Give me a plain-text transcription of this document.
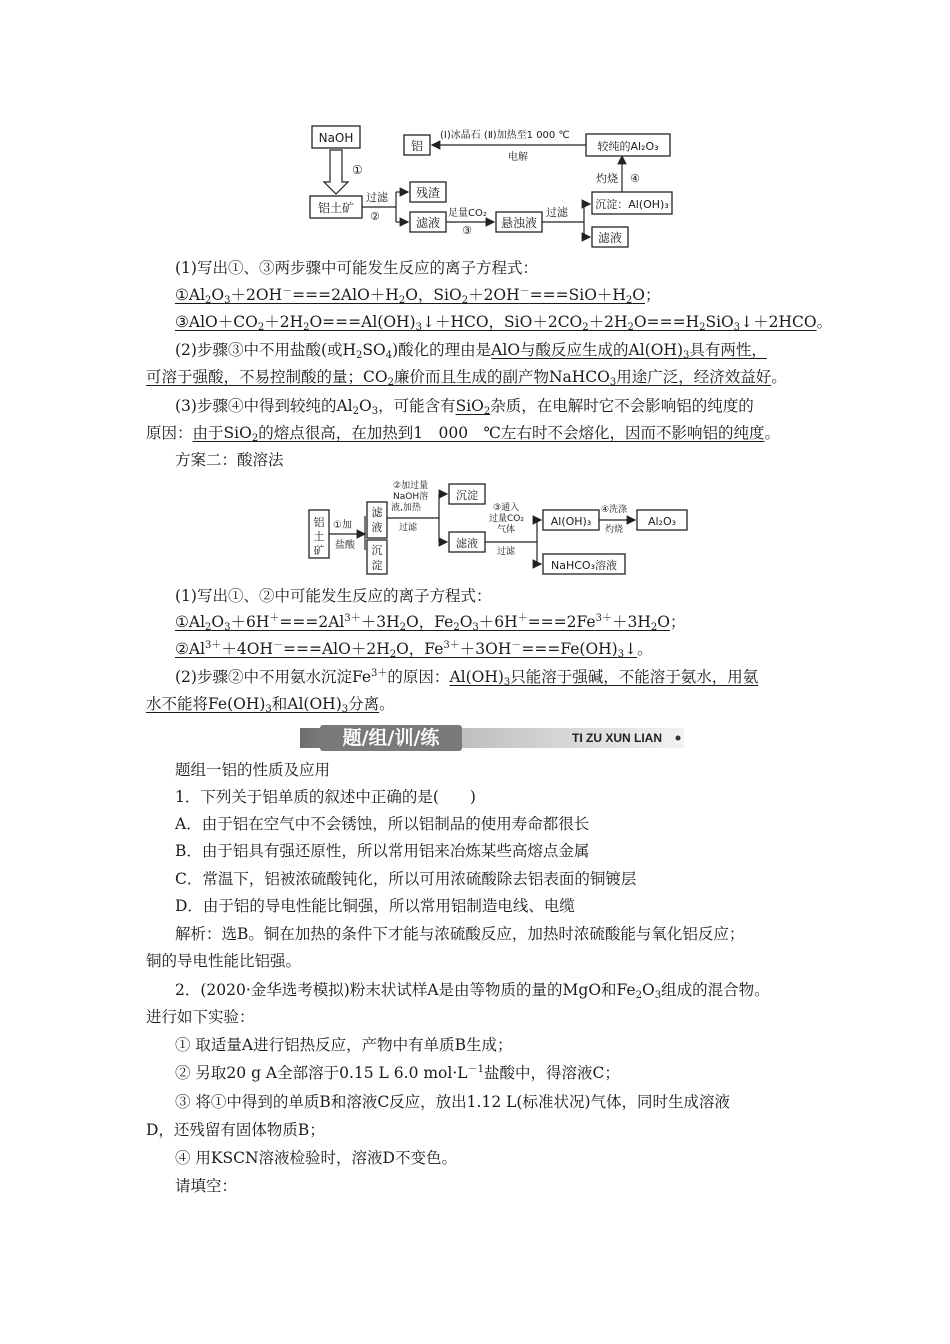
NaOH
①
铝土矿
过滤
②
残渣
滤液
足量CO₂
③
悬浊液
过滤
沉淀：Al(OH)₃
滤液
灼烧 ④
较纯的Al₂O₃
(Ⅰ)冰晶石 (Ⅱ)加热至1 000 ℃
电解
铝
(1)写出①、③两步骤中可能发生反应的离子方程式：
$①Al_2O_3+2OH^-===2AlO+H_2O$，$SiO_2+2OH^-===SiO+H_2O$；
$③AlO+CO_2+2H_2O===Al(OH)_3↓+HCO$，$SiO+2CO_2+2H_2O===H_2SiO_3↓+2HCO$。
(2)步骤③中不用盐酸(或$H_2SO_4$)酸化的理由是AlO与酸反应生成的$Al(OH)_3$具有两性，
可溶于强酸，不易控制酸的量；$CO_2$廉价而且生成的副产物NaHCO$_3$用途广泛，经济效益好。
(3)步骤④中得到较纯的$Al_2O_3$，可能含有SiO$_2$杂质，在电解时它不会影响铝的纯度的
原因：由于SiO$_2$的熔点很高，在加热到1　000　℃左右时不会熔化，因而不影响铝的纯度。
方案二：酸溶法
铝
土
矿
①加
盐酸
滤
液
沉
淀
②加过量
NaOH溶
液,加热
过滤
沉淀
滤液
③通入
过量CO₂
气体
过滤
Al(OH)₃
NaHCO₃溶液
④洗涤
灼烧
Al₂O₃
(1)写出①、②中可能发生反应的离子方程式：
$①Al_2O_3+6H^+===2Al^{3+}+3H_2O$，$Fe_2O_3+6H^+===2Fe^{3+}+3H_2O$；
$②Al^{3+}+4OH^-===AlO+2H_2O$，$Fe^{3+}+3OH^-===Fe(OH)_3↓$。
(2)步骤②中不用氨水沉淀$Fe^{3+}$的原因：$Al(OH)_3$只能溶于强碱，不能溶于氨水，用氨
水不能将$Fe(OH)_3$和$Al(OH)_3$分离。
题/组/训/练	TI ZU XUN LIAN
题组一铝的性质及应用
1．下列关于铝单质的叙述中正确的是(　　)
A．由于铝在空气中不会锈蚀，所以铝制品的使用寿命都很长
B．由于铝具有强还原性，所以常用铝来冶炼某些高熔点金属
C．常温下，铝被浓硫酸钝化，所以可用浓硫酸除去铝表面的铜镀层
D．由于铝的导电性能比铜强，所以常用铝制造电线、电缆
解析：选B。铜在加热的条件下才能与浓硫酸反应，加热时浓硫酸能与氧化铝反应；
铜的导电性能比铝强。
2．(2020·金华选考模拟)粉末状试样A是由等物质的量的MgO和$Fe_2O_3$组成的混合物。
进行如下实验：
① 取适量A进行铝热反应，产物中有单质B生成；
② 另取20 g A全部溶于0.15 L 6.0 $mol\cdot L^{-1}$盐酸中，得溶液C；
③ 将①中得到的单质B和溶液C反应，放出1.12 L(标准状况)气体，同时生成溶液
D，还残留有固体物质B；
④ 用KSCN溶液检验时，溶液D不变色。
请填空：
